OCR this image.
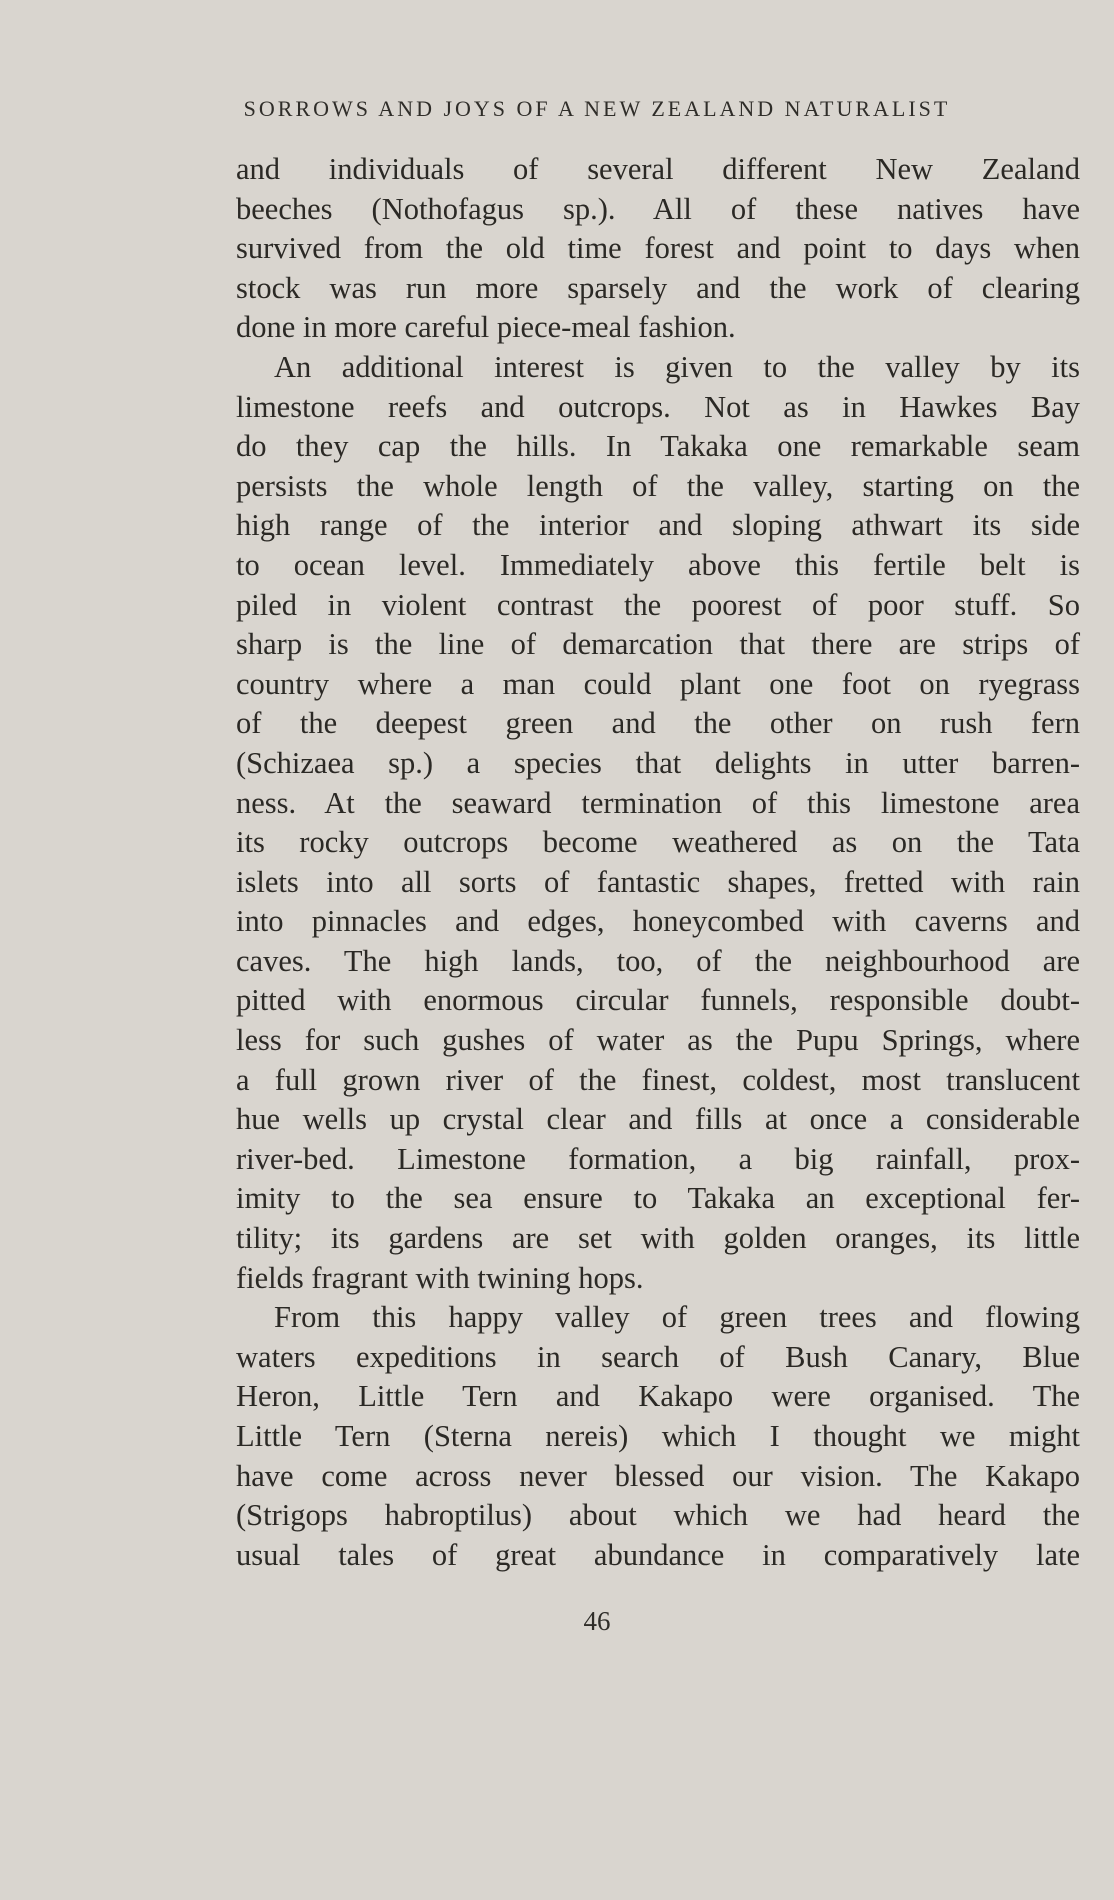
SORROWS AND JOYS OF A NEW ZEALAND NATURALIST
and individuals of several different New Zealand
beeches (Nothofagus sp.). All of these natives have
survived from the old time forest and point to days when
stock was run more sparsely and the work of clearing
done in more careful piece-meal fashion.
An additional interest is given to the valley by its
limestone reefs and outcrops. Not as in Hawkes Bay
do they cap the hills. In Takaka one remarkable seam
persists the whole length of the valley, starting on the
high range of the interior and sloping athwart its side
to ocean level. Immediately above this fertile belt is
piled in violent contrast the poorest of poor stuff. So
sharp is the line of demarcation that there are strips of
country where a man could plant one foot on ryegrass
of the deepest green and the other on rush fern
(Schizaea sp.) a species that delights in utter barren-
ness. At the seaward termination of this limestone area
its rocky outcrops become weathered as on the Tata
islets into all sorts of fantastic shapes, fretted with rain
into pinnacles and edges, honeycombed with caverns and
caves. The high lands, too, of the neighbourhood are
pitted with enormous circular funnels, responsible doubt-
less for such gushes of water as the Pupu Springs, where
a full grown river of the finest, coldest, most translucent
hue wells up crystal clear and fills at once a considerable
river-bed. Limestone formation, a big rainfall, prox-
imity to the sea ensure to Takaka an exceptional fer-
tility; its gardens are set with golden oranges, its little
fields fragrant with twining hops.
From this happy valley of green trees and flowing
waters expeditions in search of Bush Canary, Blue
Heron, Little Tern and Kakapo were organised. The
Little Tern (Sterna nereis) which I thought we might
have come across never blessed our vision. The Kakapo
(Strigops habroptilus) about which we had heard the
usual tales of great abundance in comparatively late
46
